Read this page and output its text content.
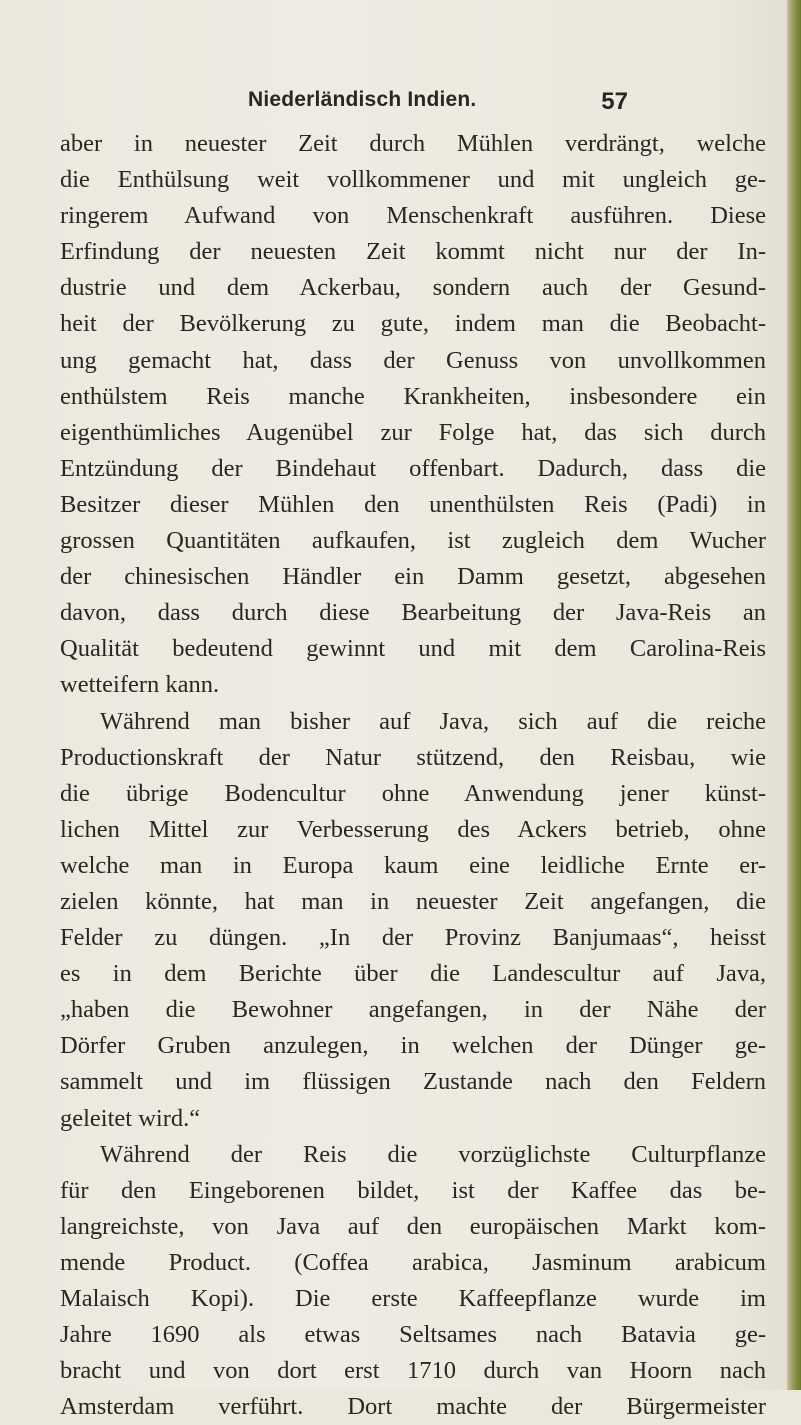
Niederländisch Indien.	57
aber in neuester Zeit durch Mühlen verdrängt, welche
die Enthülsung weit vollkommener und mit ungleich ge-
ringerem Aufwand von Menschenkraft ausführen. Diese
Erfindung der neuesten Zeit kommt nicht nur der In-
dustrie und dem Ackerbau, sondern auch der Gesund-
heit der Bevölkerung zu gute, indem man die Beobacht-
ung gemacht hat, dass der Genuss von unvollkommen
enthülstem Reis manche Krankheiten, insbesondere ein
eigenthümliches Augenübel zur Folge hat, das sich durch
Entzündung der Bindehaut offenbart. Dadurch, dass die
Besitzer dieser Mühlen den unenthülsten Reis (Padi) in
grossen Quantitäten aufkaufen, ist zugleich dem Wucher
der chinesischen Händler ein Damm gesetzt, abgesehen
davon, dass durch diese Bearbeitung der Java-Reis an
Qualität bedeutend gewinnt und mit dem Carolina-Reis
wetteifern kann.
Während man bisher auf Java, sich auf die reiche
Productionskraft der Natur stützend, den Reisbau, wie
die übrige Bodencultur ohne Anwendung jener künst-
lichen Mittel zur Verbesserung des Ackers betrieb, ohne
welche man in Europa kaum eine leidliche Ernte er-
zielen könnte, hat man in neuester Zeit angefangen, die
Felder zu düngen. „In der Provinz Banjumaas“, heisst
es in dem Berichte über die Landescultur auf Java,
„haben die Bewohner angefangen, in der Nähe der
Dörfer Gruben anzulegen, in welchen der Dünger ge-
sammelt und im flüssigen Zustande nach den Feldern
geleitet wird.“
Während der Reis die vorzüglichste Culturpflanze
für den Eingeborenen bildet, ist der Kaffee das be-
langreichste, von Java auf den europäischen Markt kom-
mende Product. (Coffea arabica, Jasminum arabicum
Malaisch Kopi). Die erste Kaffeepflanze wurde im
Jahre 1690 als etwas Seltsames nach Batavia ge-
bracht und von dort erst 1710 durch van Hoorn nach
Amsterdam verführt. Dort machte der Bürgermeister
